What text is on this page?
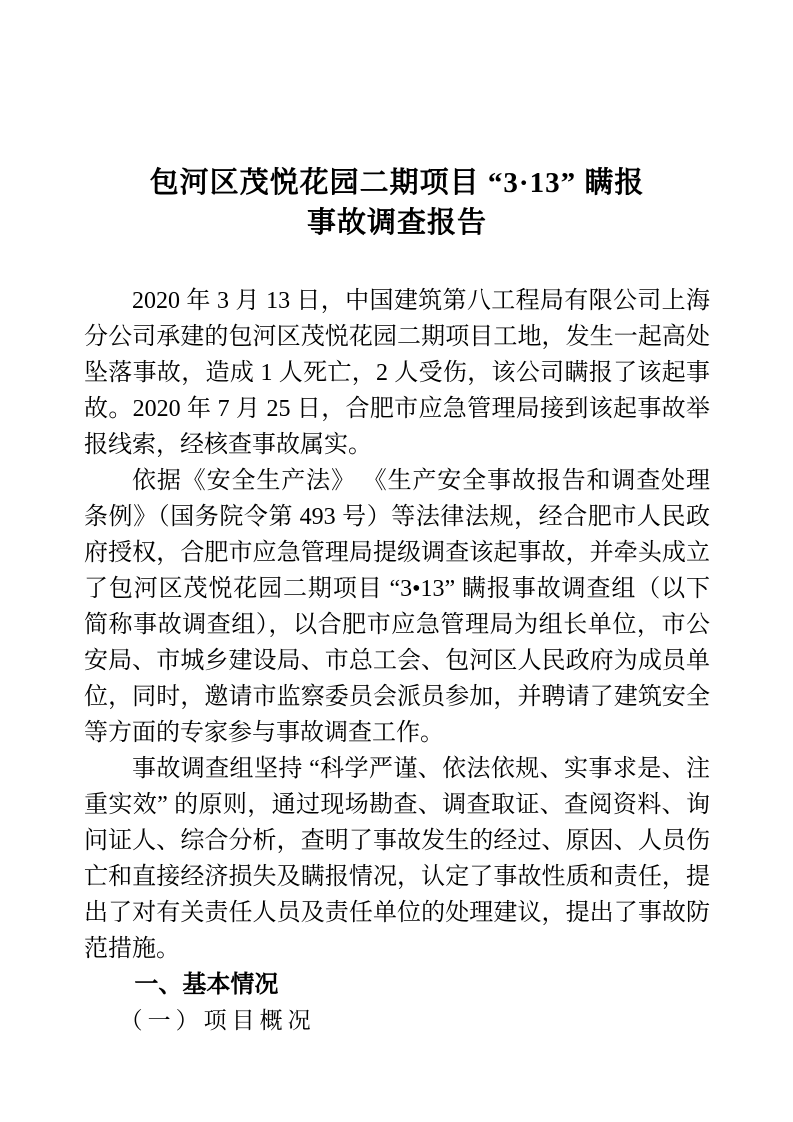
包河区茂悦花园二期项目 “3·13” 瞒报
事故调查报告

2020 年 3 月 13 日，中国建筑第八工程局有限公司上海分公司承建的包河区茂悦花园二期项目工地，发生一起高处坠落事故，造成 1 人死亡，2 人受伤，该公司瞒报了该起事故。2020 年 7 月 25 日，合肥市应急管理局接到该起事故举报线索，经核查事故属实。

依据《安全生产法》 《生产安全事故报告和调查处理条例》（国务院令第 493 号）等法律法规，经合肥市人民政府授权，合肥市应急管理局提级调查该起事故，并牵头成立了包河区茂悦花园二期项目 “3•13” 瞒报事故调查组（以下简称事故调查组），以合肥市应急管理局为组长单位，市公安局、市城乡建设局、市总工会、包河区人民政府为成员单位，同时，邀请市监察委员会派员参加，并聘请了建筑安全等方面的专家参与事故调查工作。

事故调查组坚持 “科学严谨、依法依规、实事求是、注重实效” 的原则，通过现场勘查、调查取证、查阅资料、询问证人、综合分析，查明了事故发生的经过、原因、人员伤亡和直接经济损失及瞒报情况，认定了事故性质和责任，提出了对有关责任人员及责任单位的处理建议，提出了事故防范措施。

一、基本情况
（一）项目概况
